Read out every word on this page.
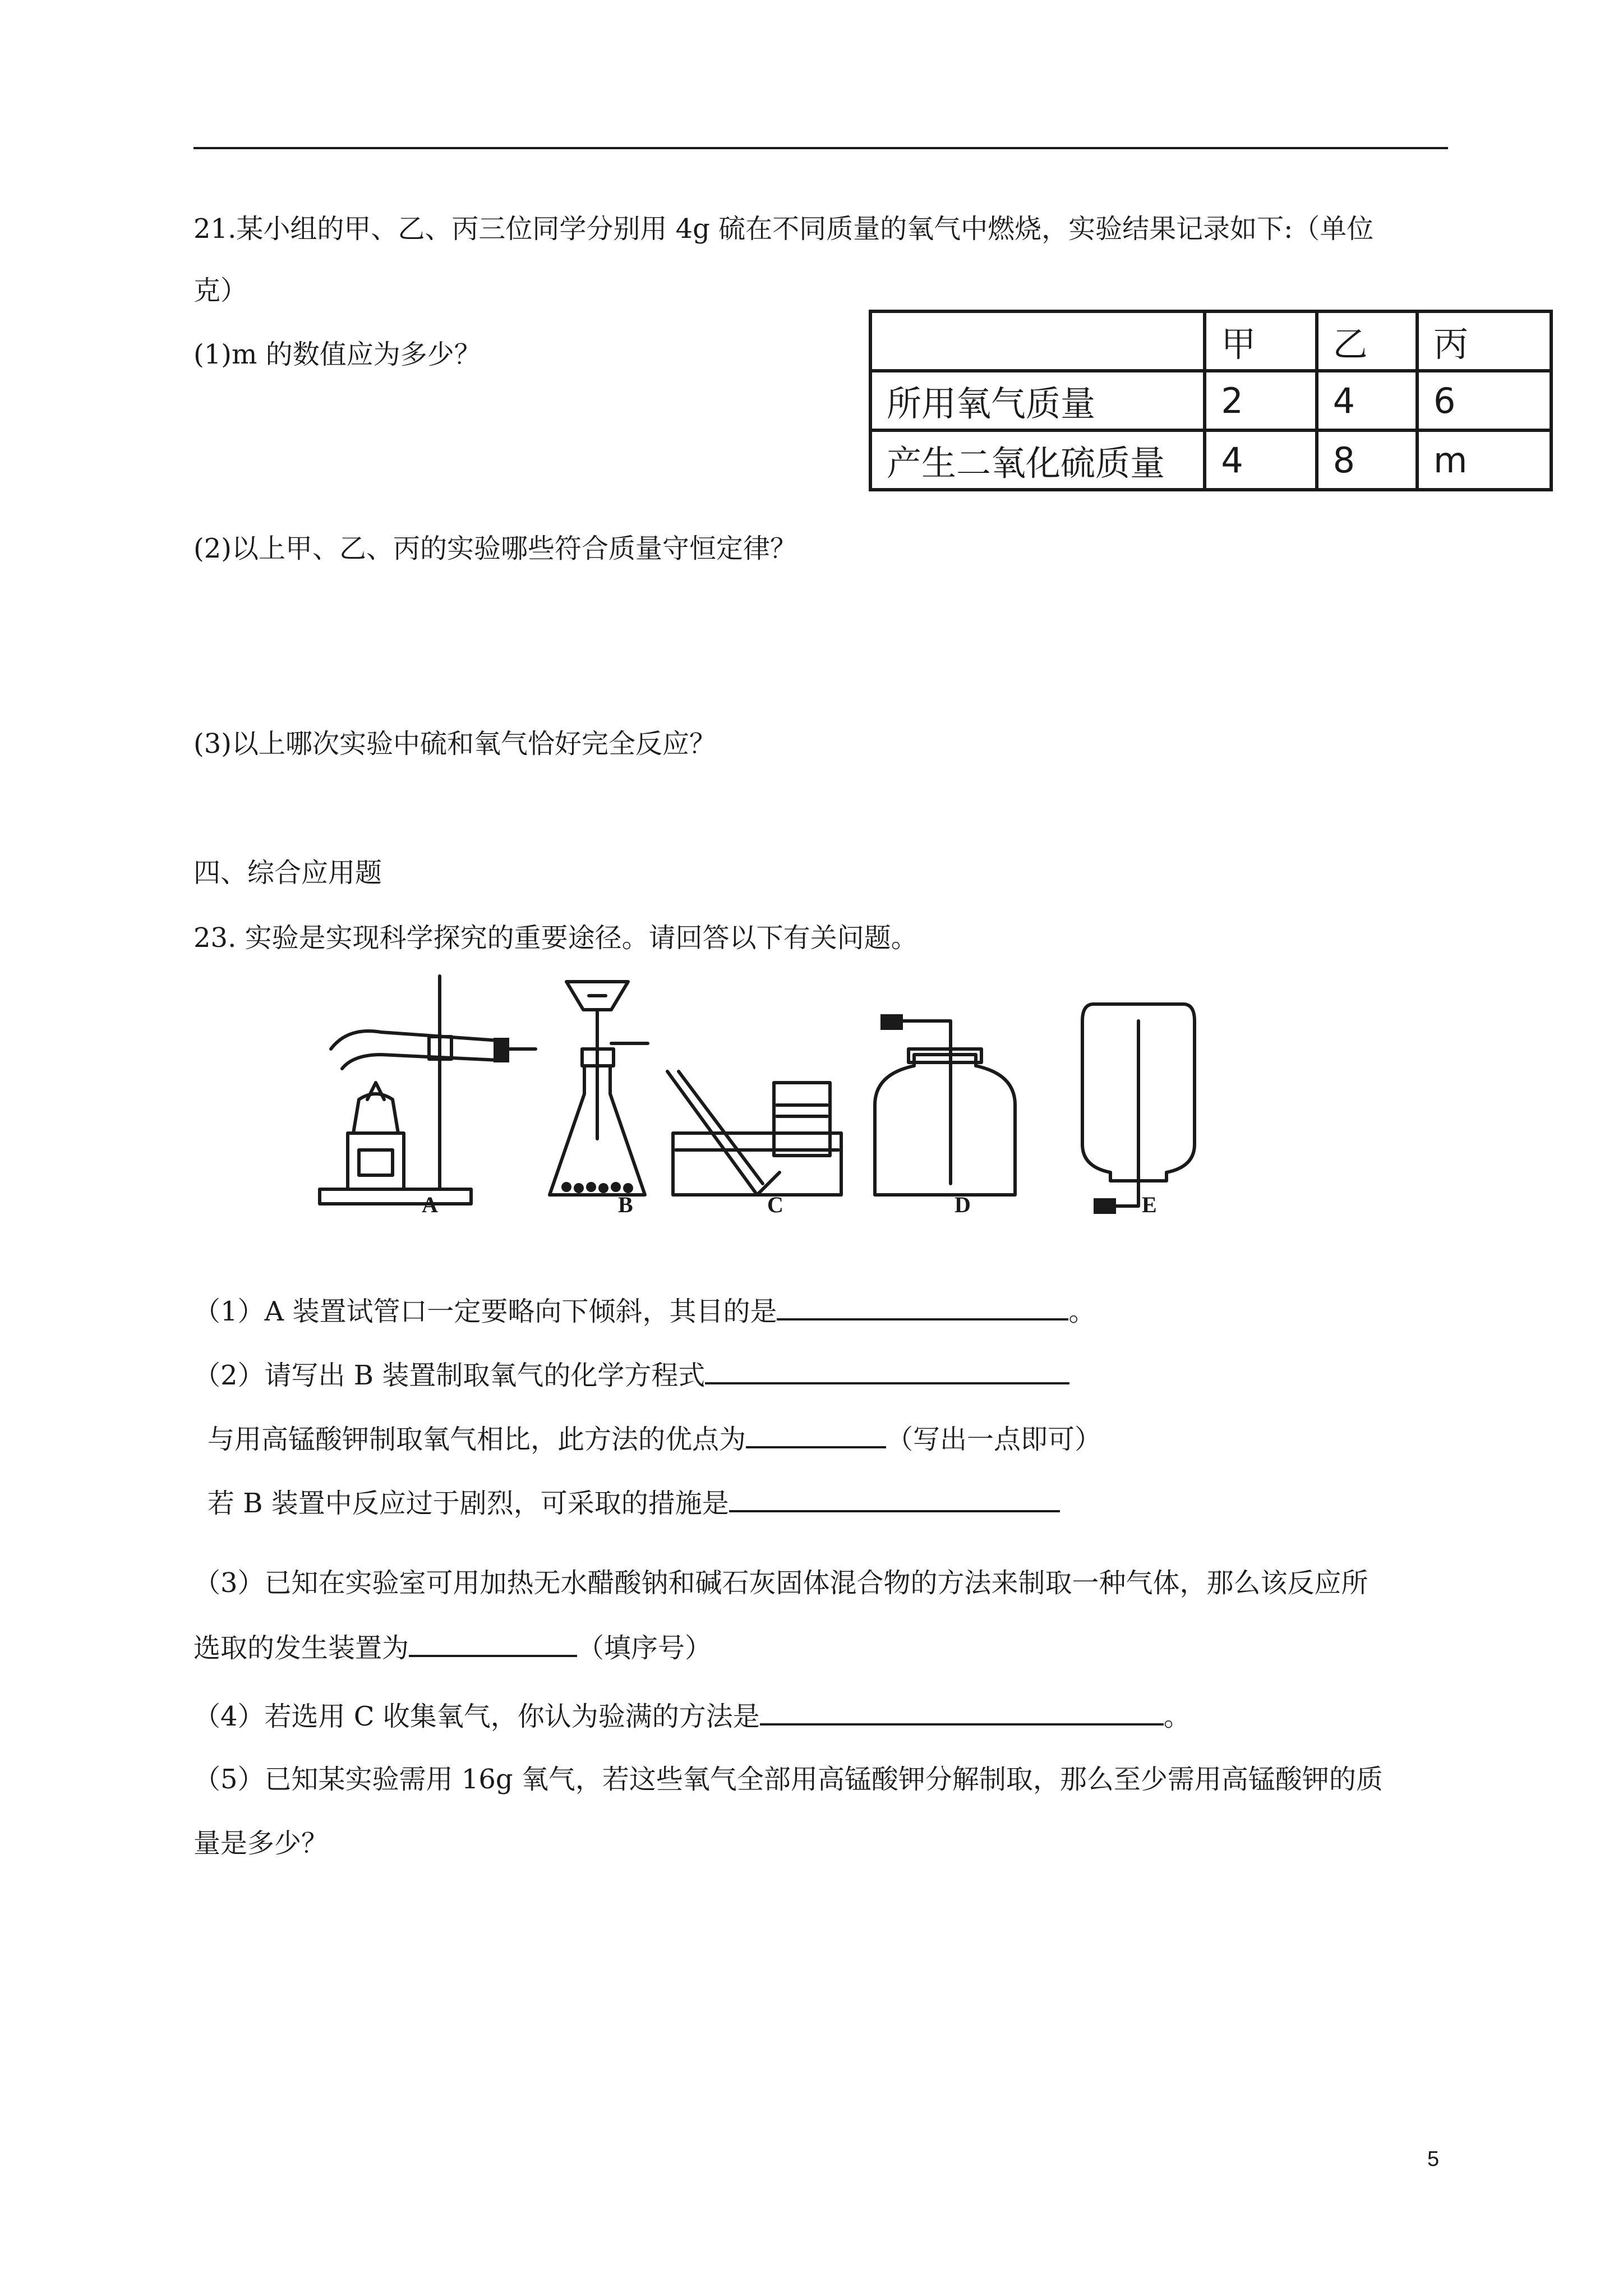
21.某小组的甲、乙、丙三位同学分别用 4g 硫在不同质量的氧气中燃烧，实验结果记录如下:（单位
克）
(1)m 的数值应为多少？
		甲	乙	丙
所用氧气质量	2	4	6
产生二氧化硫质量	4	8	m
(2)以上甲、乙、丙的实验哪些符合质量守恒定律？
(3)以上哪次实验中硫和氧气恰好完全反应？
四、综合应用题
23. 实验是实现科学探究的重要途径。请回答以下有关问题。
A	B	C	D	E
（1）A 装置试管口一定要略向下倾斜，其目的是	。
（2）请写出 B 装置制取氧气的化学方程式
与用高锰酸钾制取氧气相比，此方法的优点为	（写出一点即可）
若 B 装置中反应过于剧烈，可采取的措施是
（3）已知在实验室可用加热无水醋酸钠和碱石灰固体混合物的方法来制取一种气体，那么该反应所
选取的发生装置为	（填序号）
（4）若选用 C 收集氧气，你认为验满的方法是	。
（5）已知某实验需用 16g 氧气，若这些氧气全部用高锰酸钾分解制取，那么至少需用高锰酸钾的质
量是多少？
5
